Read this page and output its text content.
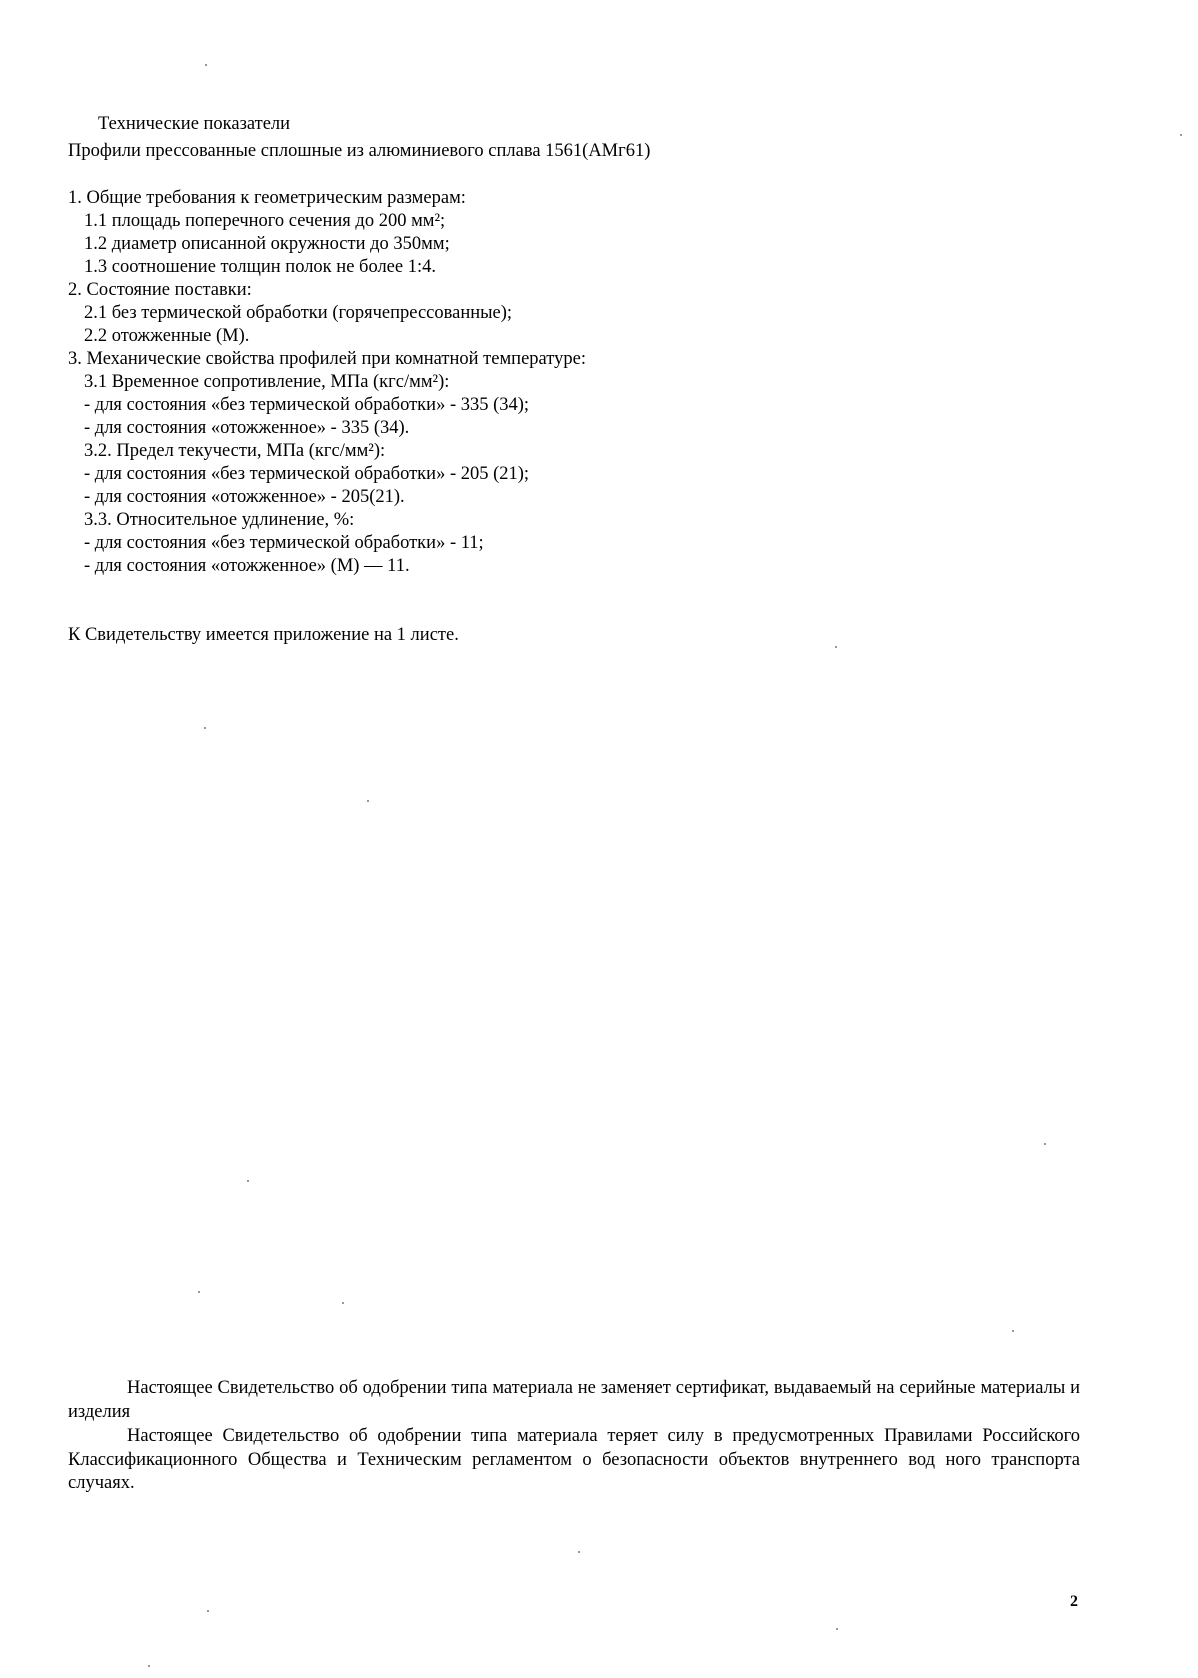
Технические показатели
Профили прессованные сплошные из алюминиевого сплава 1561(АМг61)
1. Общие требования к геометрическим размерам:
1.1 площадь поперечного сечения до 200 мм²;
1.2 диаметр описанной окружности до 350мм;
1.3 соотношение толщин полок не более 1:4.
2. Состояние поставки:
2.1 без термической обработки (горячепрессованные);
2.2 отожженные (М).
3. Механические свойства профилей при комнатной температуре:
3.1 Временное сопротивление, МПа (кгс/мм²):
- для состояния «без термической обработки» - 335 (34);
- для состояния «отожженное» - 335 (34).
3.2. Предел текучести, МПа (кгс/мм²):
- для состояния «без термической обработки» - 205 (21);
- для состояния «отожженное» - 205(21).
3.3. Относительное удлинение, %:
- для состояния «без термической обработки» - 11;
- для состояния «отожженное» (М) — 11.
К Свидетельству имеется приложение на 1 листе.
Настоящее Свидетельство об одобрении типа материала не заменяет сертификат, выдаваемый на серийные материалы и изделия
Настоящее Свидетельство об одобрении типа материала теряет силу в предусмотренных Правилами Российского Классификационного Общества и Техническим регламентом о безопасности объектов внутреннего вод ного транспорта случаях.
2
